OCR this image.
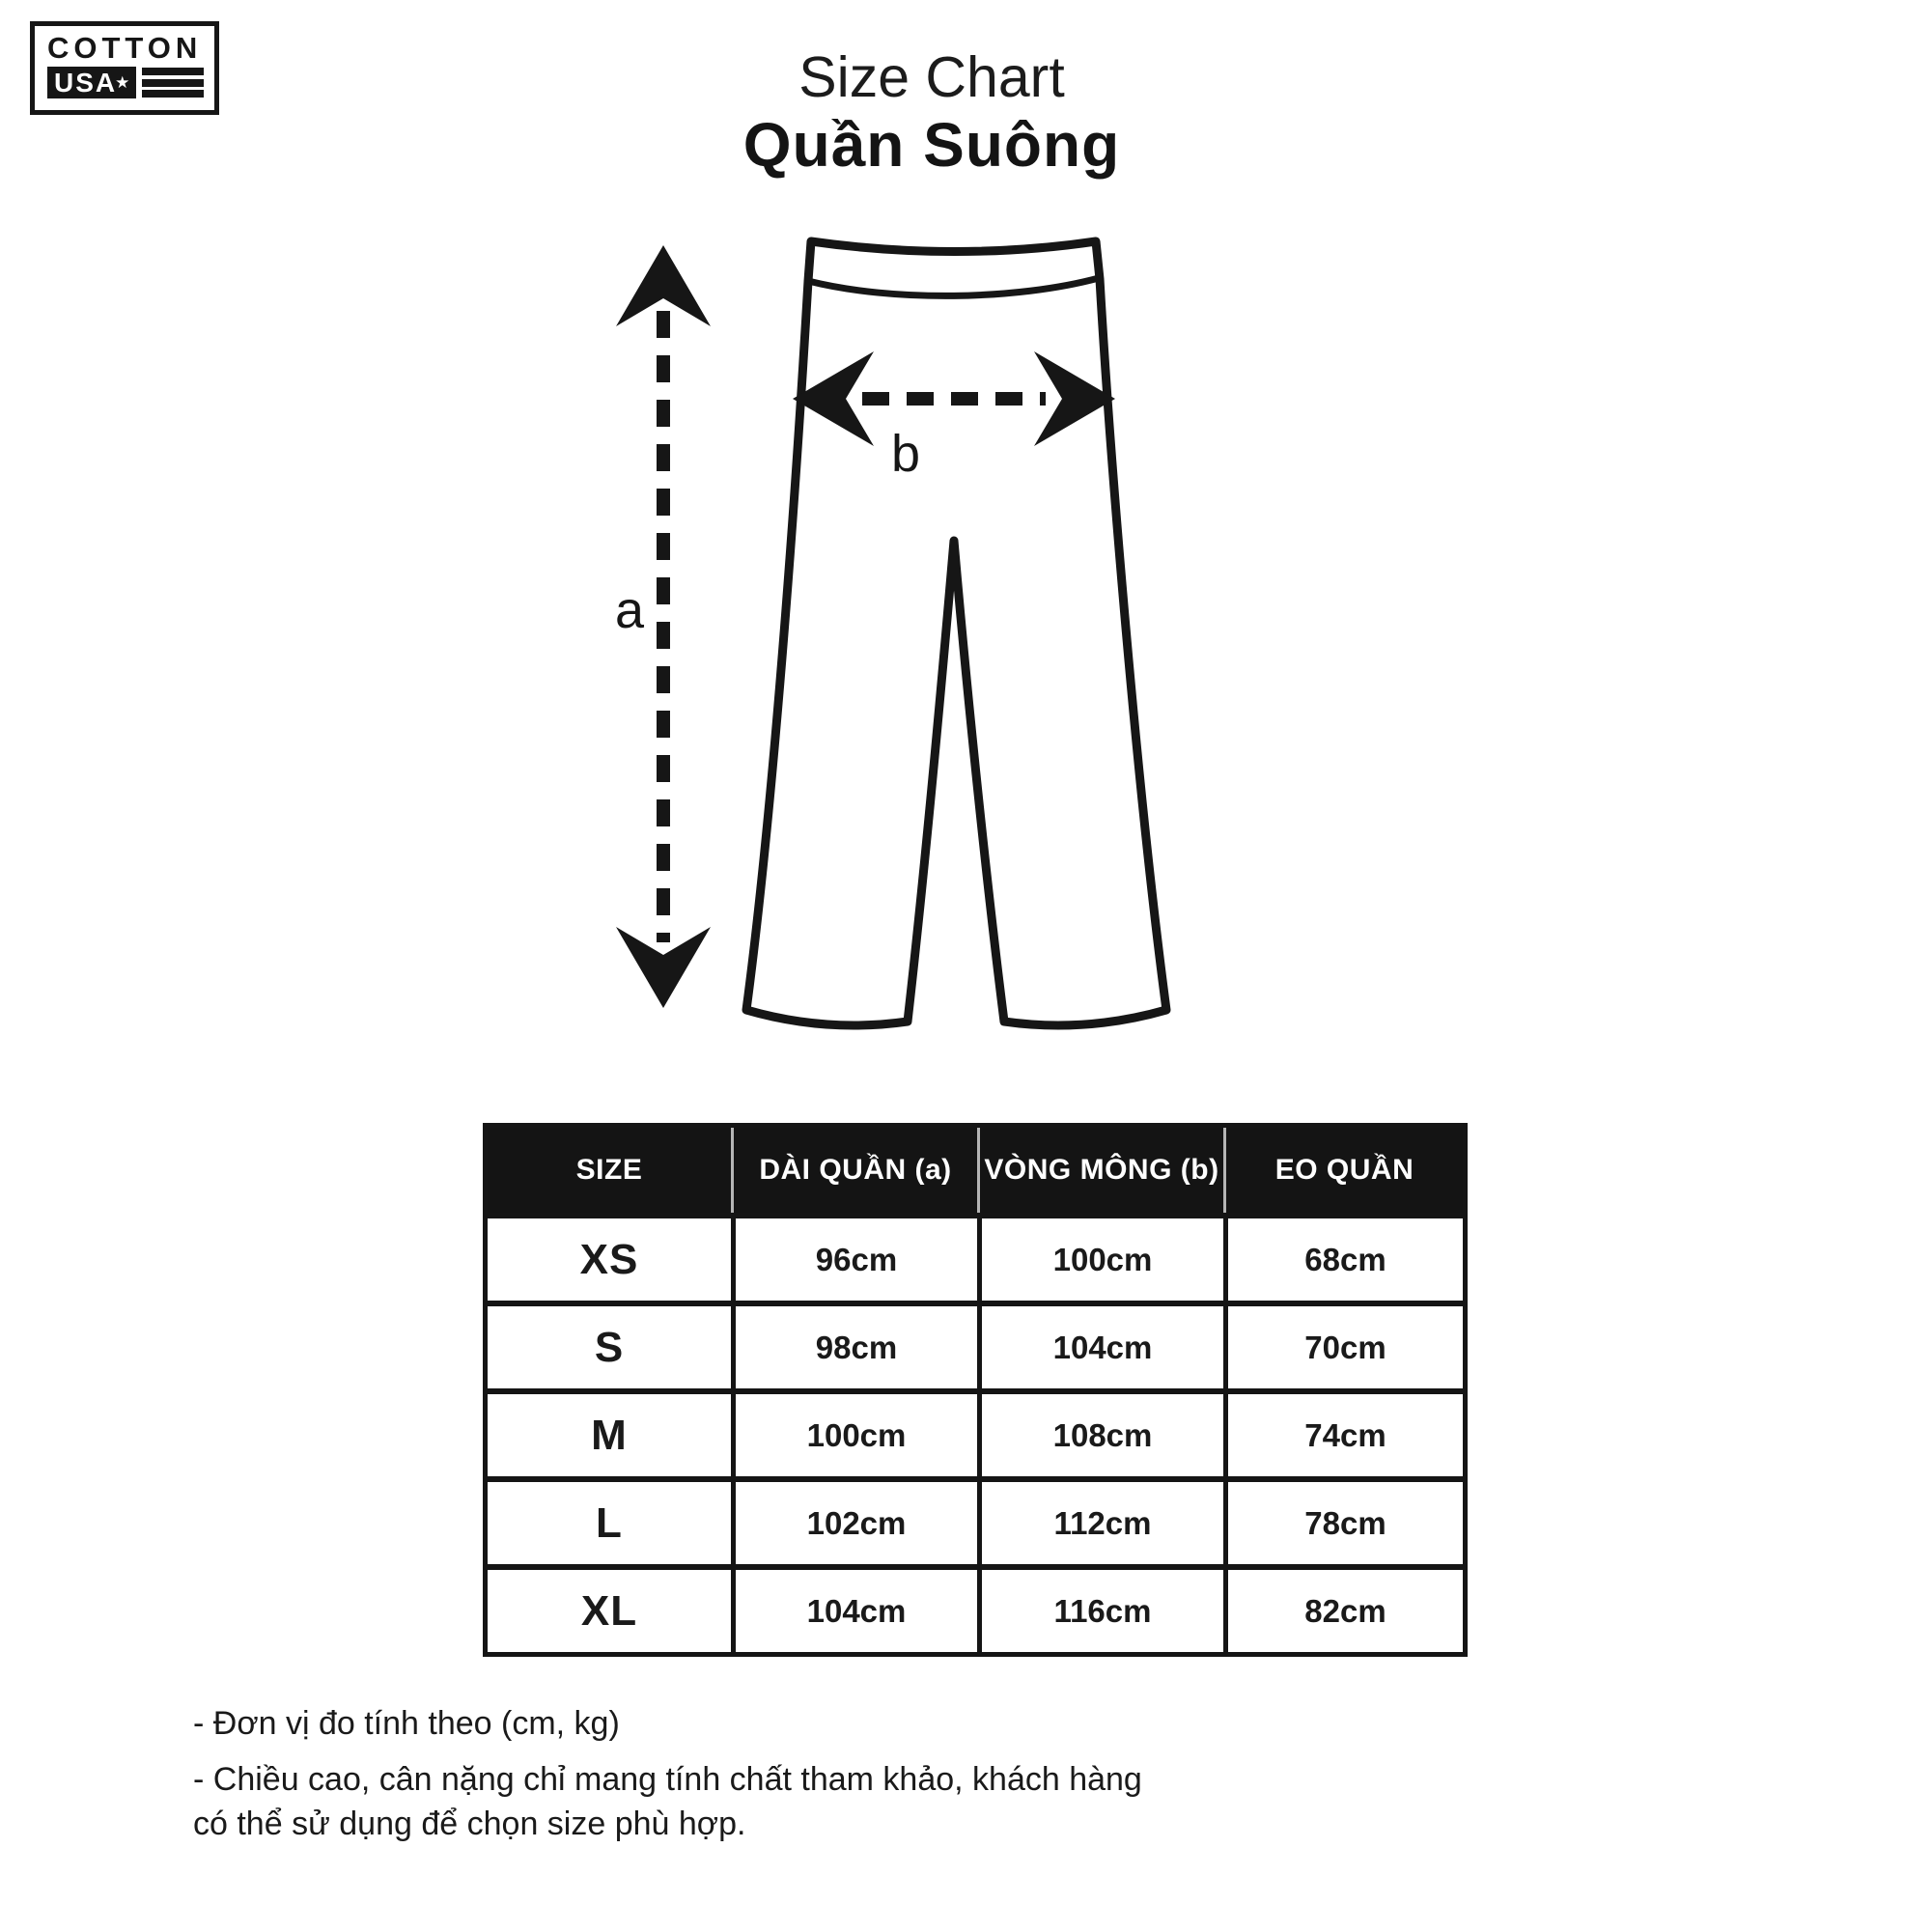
COTTON
USA
★	Size Chart
Quần Suông
a
b
SIZE	DÀI QUẦN (a)	VÒNG MÔNG (b)	EO QUẦN
XS	96cm	100cm	68cm
S	98cm	104cm	70cm
M	100cm	108cm	74cm
L	102cm	112cm	78cm
XL	104cm	116cm	82cm
- Đơn vị đo tính theo (cm, kg)
- Chiều cao, cân nặng chỉ mang tính chất tham khảo, khách hàng
có thể sử dụng để chọn size phù hợp.
